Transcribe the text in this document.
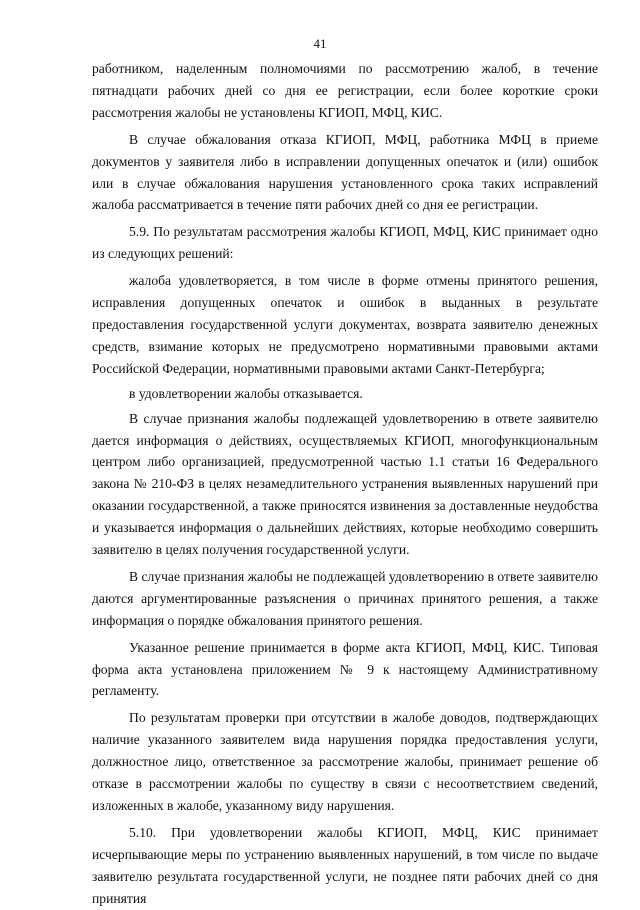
41

работником, наделенным полномочиями по рассмотрению жалоб, в течение пятнадцати рабочих дней со дня ее регистрации, если более короткие сроки рассмотрения жалобы не установлены КГИОП, МФЦ, КИС.

В случае обжалования отказа КГИОП, МФЦ, работника МФЦ в приеме документов у заявителя либо в исправлении допущенных опечаток и (или) ошибок или в случае обжалования нарушения установленного срока таких исправлений жалоба рассматривается в течение пяти рабочих дней со дня ее регистрации.

5.9. По результатам рассмотрения жалобы КГИОП, МФЦ, КИС принимает одно из следующих решений:

жалоба удовлетворяется, в том числе в форме отмены принятого решения, исправления допущенных опечаток и ошибок в выданных в результате предоставления государственной услуги документах, возврата заявителю денежных средств, взимание которых не предусмотрено нормативными правовыми актами Российской Федерации, нормативными правовыми актами Санкт-Петербурга;

в удовлетворении жалобы отказывается.

В случае признания жалобы подлежащей удовлетворению в ответе заявителю дается информация о действиях, осуществляемых КГИОП, многофункциональным центром либо организацией, предусмотренной частью 1.1 статьи 16 Федерального закона № 210-ФЗ в целях незамедлительного устранения выявленных нарушений при оказании государственной, а также приносятся извинения за доставленные неудобства и указывается информация о дальнейших действиях, которые необходимо совершить заявителю в целях получения государственной услуги.

В случае признания жалобы не подлежащей удовлетворению в ответе заявителю даются аргументированные разъяснения о причинах принятого решения, а также информация о порядке обжалования принятого решения.

Указанное решение принимается в форме акта КГИОП, МФЦ, КИС. Типовая форма акта установлена приложением № 9 к настоящему Административному регламенту.

По результатам проверки при отсутствии в жалобе доводов, подтверждающих наличие указанного заявителем вида нарушения порядка предоставления услуги, должностное лицо, ответственное за рассмотрение жалобы, принимает решение об отказе в рассмотрении жалобы по существу в связи с несоответствием сведений, изложенных в жалобе, указанному виду нарушения.

5.10. При удовлетворении жалобы КГИОП, МФЦ, КИС принимает исчерпывающие меры по устранению выявленных нарушений, в том числе по выдаче заявителю результата государственной услуги, не позднее пяти рабочих дней со дня принятия
